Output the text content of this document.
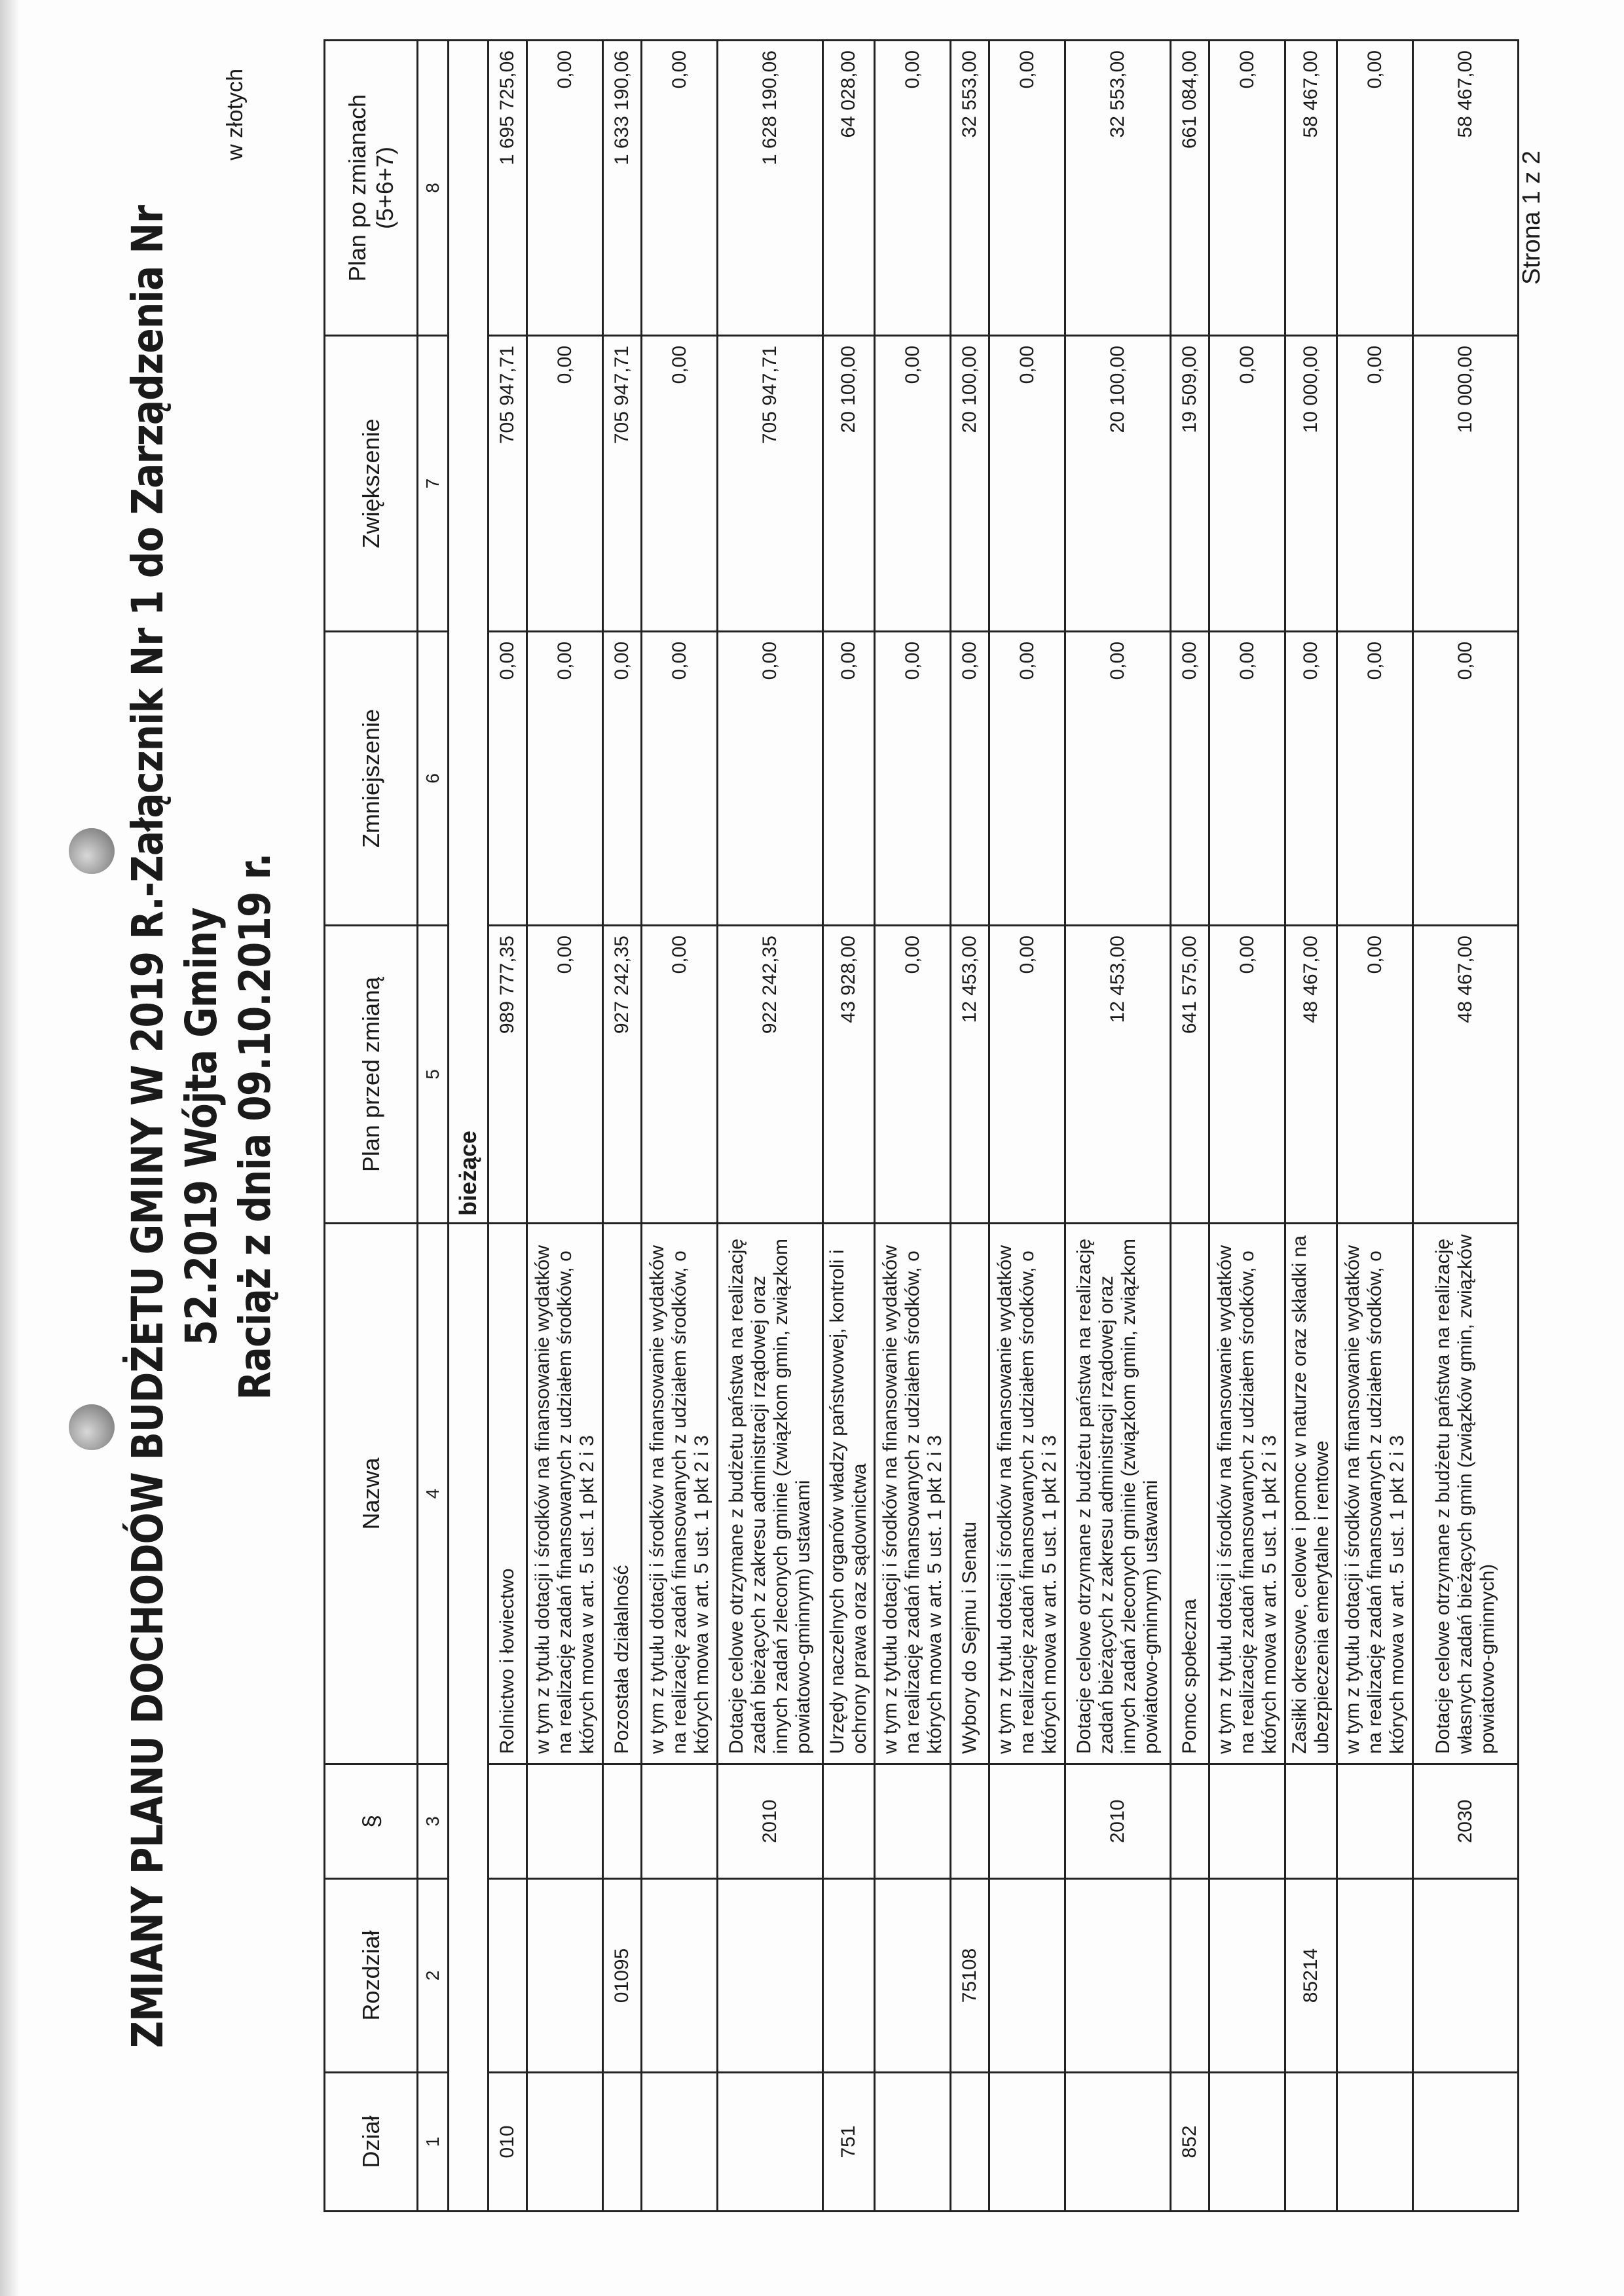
ZMIANY PLANU DOCHODÓW BUDŻETU GMINY W 2019 R.-Załącznik Nr 1 do Zarządzenia Nr 52.2019 Wójta Gminy Raciąż z dnia 09.10.2019 r.
w złotych
Dział	Rozdział	§	Nazwa	Plan przed zmianą	Zmniejszenie	Zwiększenie	Plan po zmianach (5+6+7)

1	2	3	4	5	6	7	8
				bieżące			
010			Rolnictwo i łowiectwo	989 777,35	0,00	705 947,71	1 695 725,06
			w tym z tytułu dotacji i środków na finansowanie wydatków na realizację zadań finansowanych z udziałem środków, o których mowa w art. 5 ust. 1 pkt 2 i 3	0,00	0,00	0,00	0,00
	01095		Pozostała działalność	927 242,35	0,00	705 947,71	1 633 190,06
			w tym z tytułu dotacji i środków na finansowanie wydatków na realizację zadań finansowanych z udziałem środków, o których mowa w art. 5 ust. 1 pkt 2 i 3	0,00	0,00	0,00	0,00
		2010	Dotacje celowe otrzymane z budżetu państwa na realizację zadań bieżących z zakresu administracji rządowej oraz innych zadań zleconych gminie (związkom gmin, związkom powiatowo-gminnym) ustawami	922 242,35	0,00	705 947,71	1 628 190,06
751			Urzędy naczelnych organów władzy państwowej, kontroli i ochrony prawa oraz sądownictwa	43 928,00	0,00	20 100,00	64 028,00
			w tym z tytułu dotacji i środków na finansowanie wydatków na realizację zadań finansowanych z udziałem środków, o których mowa w art. 5 ust. 1 pkt 2 i 3	0,00	0,00	0,00	0,00
	75108		Wybory do Sejmu i Senatu	12 453,00	0,00	20 100,00	32 553,00
			w tym z tytułu dotacji i środków na finansowanie wydatków na realizację zadań finansowanych z udziałem środków, o których mowa w art. 5 ust. 1 pkt 2 i 3	0,00	0,00	0,00	0,00
		2010	Dotacje celowe otrzymane z budżetu państwa na realizację zadań bieżących z zakresu administracji rządowej oraz innych zadań zleconych gminie (związkom gmin, związkom powiatowo-gminnym) ustawami	12 453,00	0,00	20 100,00	32 553,00
852			Pomoc społeczna	641 575,00	0,00	19 509,00	661 084,00
			w tym z tytułu dotacji i środków na finansowanie wydatków na realizację zadań finansowanych z udziałem środków, o których mowa w art. 5 ust. 1 pkt 2 i 3	0,00	0,00	0,00	0,00
	85214		Zasiłki okresowe, celowe i pomoc w naturze oraz składki na ubezpieczenia emerytalne i rentowe	48 467,00	0,00	10 000,00	58 467,00
			w tym z tytułu dotacji i środków na finansowanie wydatków na realizację zadań finansowanych z udziałem środków, o których mowa w art. 5 ust. 1 pkt 2 i 3	0,00	0,00	0,00	0,00
		2030	Dotacje celowe otrzymane z budżetu państwa na realizację własnych zadań bieżących gmin (związków gmin, związków powiatowo-gminnych)	48 467,00	0,00	10 000,00	58 467,00
Strona 1 z 2
